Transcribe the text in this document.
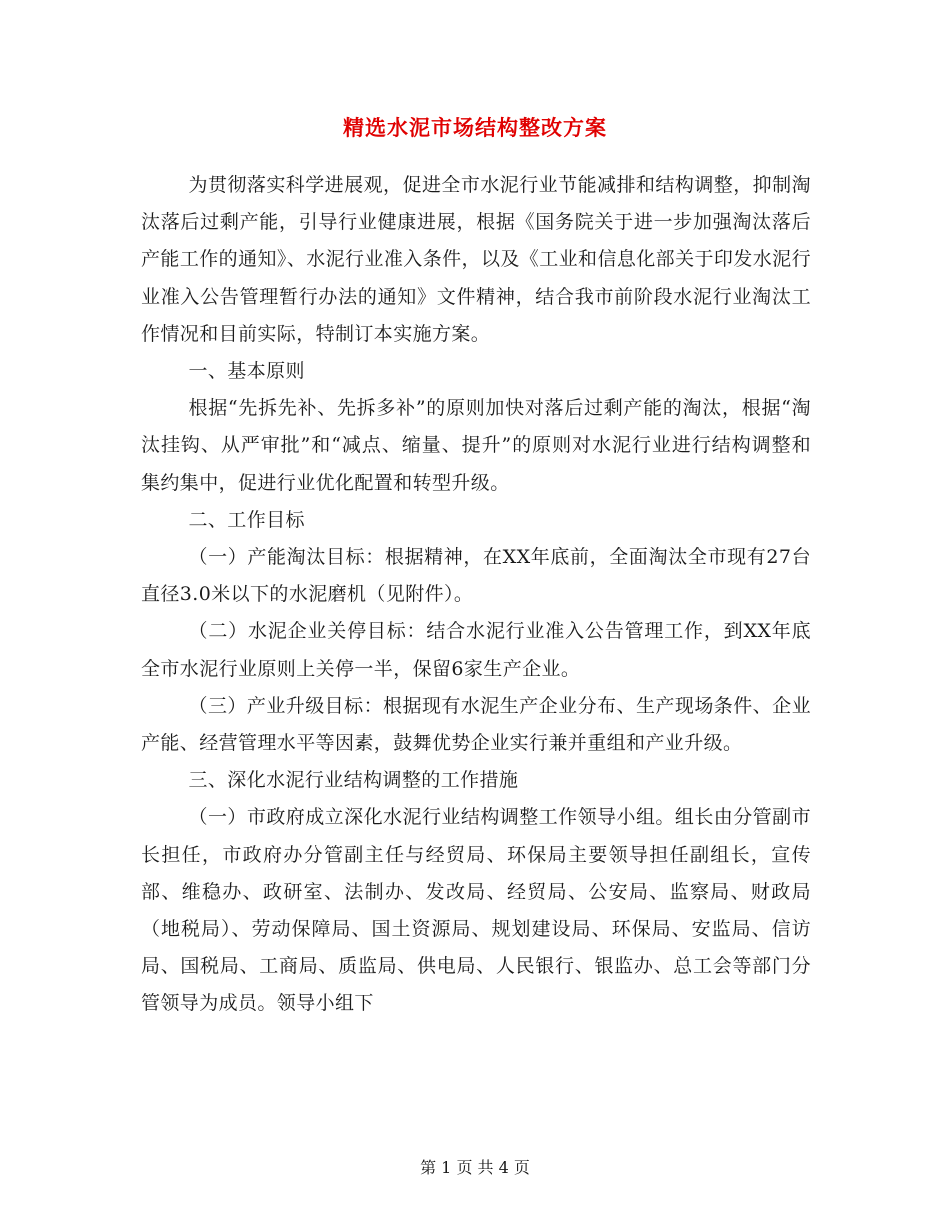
精选水泥市场结构整改方案

为贯彻落实科学进展观，促进全市水泥行业节能减排和结构调整，抑制淘汰落后过剩产能，引导行业健康进展，根据《国务院关于进一步加强淘汰落后产能工作的通知》、水泥行业准入条件，以及《工业和信息化部关于印发水泥行业准入公告管理暂行办法的通知》文件精神，结合我市前阶段水泥行业淘汰工作情况和目前实际，特制订本实施方案。

一、基本原则

根据“先拆先补、先拆多补”的原则加快对落后过剩产能的淘汰，根据“淘汰挂钩、从严审批”和“减点、缩量、提升”的原则对水泥行业进行结构调整和集约集中，促进行业优化配置和转型升级。

二、工作目标

（一）产能淘汰目标：根据精神，在XX年底前，全面淘汰全市现有27台直径3.0米以下的水泥磨机（见附件）。

（二）水泥企业关停目标：结合水泥行业准入公告管理工作，到XX年底全市水泥行业原则上关停一半，保留6家生产企业。

（三）产业升级目标：根据现有水泥生产企业分布、生产现场条件、企业产能、经营管理水平等因素，鼓舞优势企业实行兼并重组和产业升级。

三、深化水泥行业结构调整的工作措施

（一）市政府成立深化水泥行业结构调整工作领导小组。组长由分管副市长担任，市政府办分管副主任与经贸局、环保局主要领导担任副组长，宣传部、维稳办、政研室、法制办、发改局、经贸局、公安局、监察局、财政局（地税局）、劳动保障局、国土资源局、规划建设局、环保局、安监局、信访局、国税局、工商局、质监局、供电局、人民银行、银监办、总工会等部门分管领导为成员。领导小组下

第 1 页 共 4 页
